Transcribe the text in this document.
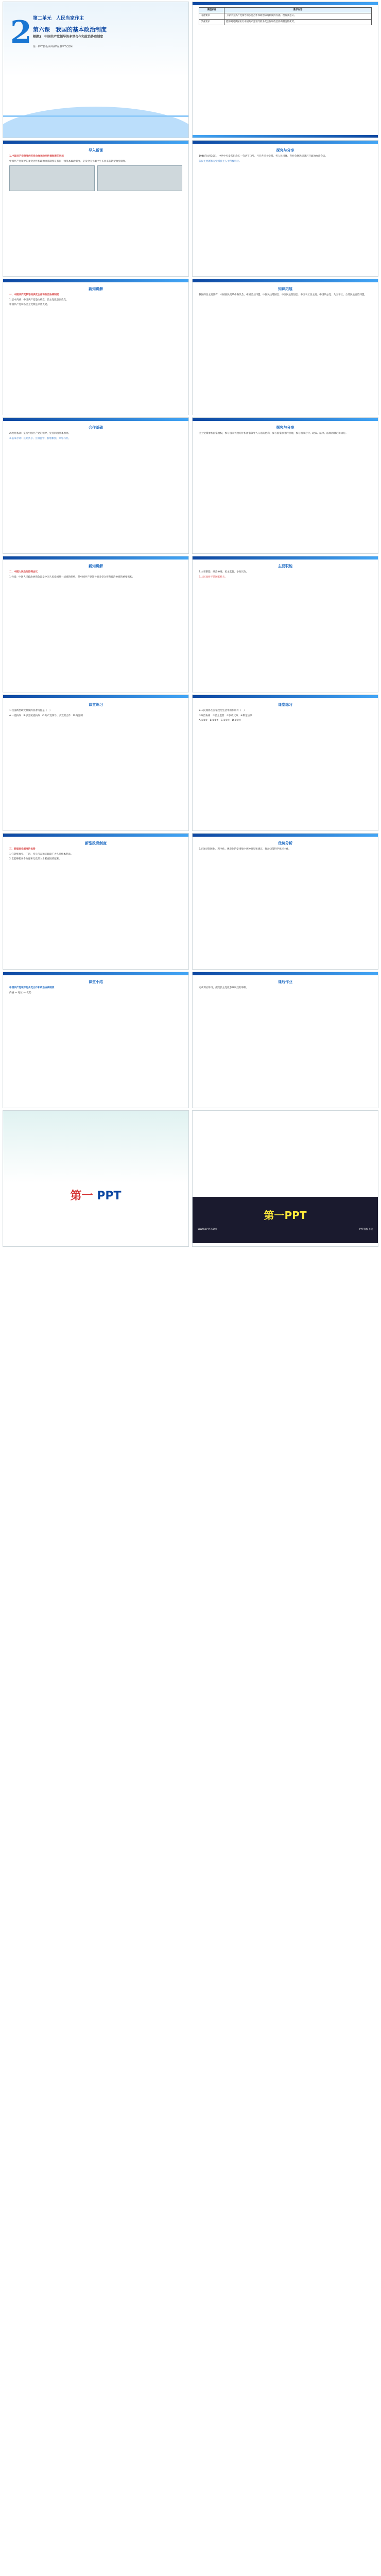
2 第二单元　人民当家作主
第六课　我国的基本政治制度
框题3：中国共产党领导的多党合作和政治协商制度
第一PPT模板网-WWW.1PPT.COM
课程标准	教学内容
内容要求	了解中国共产党领导的多党合作和政治协商制度的内涵，理解其意义。
学业要求	能够阐述我国实行中国共产党领导的多党合作和政治协商制度的优势。
导入新课

1.中国共产党领导的多党合作和政治协商制度的形成

中国共产党领导的多党合作和政治协商制度是我国一项基本政治制度，是从中国土壤中生长出来的新型政党制度。

探究与分享

1948年4月30日，中共中央发布纪念五一劳动节口号，号召各民主党派、各人民团体、各社会贤达迅速召开政治协商会议。

各民主党派和无党派民主人士积极响应。

新知讲解

一、中国共产党领导的多党合作和政治协商制度

1.基本内涵：中国共产党是执政党，民主党派是参政党。

中国共产党和各民主党派是亲密友党。

知识拓展

我国的民主党派有：中国国民党革命委员会、中国民主同盟、中国民主建国会、中国民主促进会、中国农工民主党、中国致公党、九三学社、台湾民主自治同盟。

合作基础

2.政治基础：坚持中国共产党的领导，坚持四项基本原则。

3.基本方针：长期共存、互相监督、肝胆相照、荣辱与共。

探究与分享

民主党派参加国家政权，参与国家大政方针和国家领导人人选的协商，参与国家事务的管理，参与国家方针、政策、法律、法规的制定和执行。

新知讲解

二、中国人民政治协商会议

1.性质：中国人民政治协商会议是中国人民爱国统一战线的组织，是中国共产党领导的多党合作和政治协商的重要机构。

主要职能

2.主要职能：政治协商、民主监督、参政议政。

3.人民政协不是国家机关。

课堂练习

1.我国新型政党制度的显著特征是（　）

A.一党执政　B.多党轮流执政　C.共产党领导、多党派合作　D.两党制

课堂练习

2.人民政协在国家政治生活中的作用有（　）

①政治协商　②民主监督　③参政议政　④制定法律

A.①②③　B.①②④　C.①③④　D.②③④

新型政党制度

三、新型政党制度的优势

1.它能够真实、广泛、持久代表和实现最广大人民根本利益。

2.它能够把各个政党和无党派人士紧密团结起来。

优势分析

3.它通过制度化、程序化、规范化的安排集中各种意见和建议，推动决策科学化民主化。

课堂小结

中国共产党领导的多党合作和政治协商制度

内涵 — 地位 — 优势

课后作业

完成课后练习，搜集民主党派参政议政的事例。

第一 PPT
第一PPT
WWW.1PPT.COM	PPT模板下载
